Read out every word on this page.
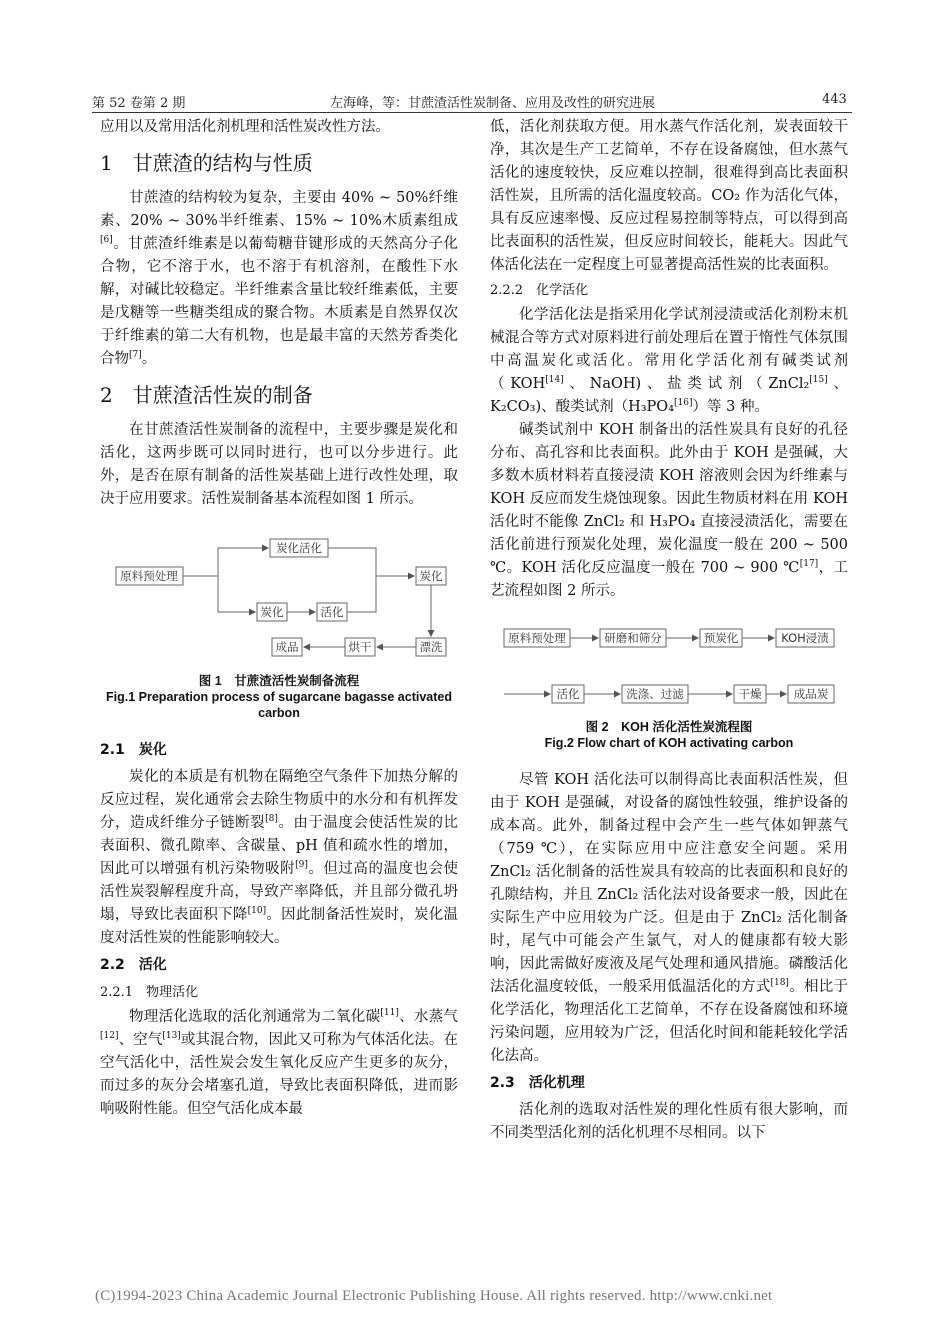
第 52 卷第 2 期	左海峰，等：甘蔗渣活性炭制备、应用及改性的研究进展	443

应用以及常用活化剂机理和活性炭改性方法。

1　甘蔗渣的结构与性质

甘蔗渣的结构较为复杂，主要由 40% ~ 50%纤维素、20% ~ 30%半纤维素、15% ~ 10%木质素组成[6]。甘蔗渣纤维素是以葡萄糖苷键形成的天然高分子化合物，它不溶于水，也不溶于有机溶剂，在酸性下水解，对碱比较稳定。半纤维素含量比较纤维素低，主要是戊糖等一些糖类组成的聚合物。木质素是自然界仅次于纤维素的第二大有机物，也是最丰富的天然芳香类化合物[7]。

2　甘蔗渣活性炭的制备

在甘蔗渣活性炭制备的流程中，主要步骤是炭化和活化，这两步既可以同时进行，也可以分步进行。此外，是否在原有制备的活性炭基础上进行改性处理，取决于应用要求。活性炭制备基本流程如图 1 所示。

原料预处理
炭化活化
炭化	活化
炭化
漂洗
烘干
成品
图 1　甘蔗渣活性炭制备流程
Fig.1 Preparation process of sugarcane bagasse activated carbon
2.1　炭化

炭化的本质是有机物在隔绝空气条件下加热分解的反应过程，炭化通常会去除生物质中的水分和有机挥发分，造成纤维分子链断裂[8]。由于温度会使活性炭的比表面积、微孔隙率、含碳量、pH 值和疏水性的增加，因此可以增强有机污染物吸附[9]。但过高的温度也会使活性炭裂解程度升高，导致产率降低，并且部分微孔坍塌，导致比表面积下降[10]。因此制备活性炭时，炭化温度对活性炭的性能影响较大。

2.2　活化
2.2.1　物理活化

物理活化选取的活化剂通常为二氧化碳[11]、水蒸气[12]、空气[13]或其混合物，因此又可称为气体活化法。在空气活化中，活性炭会发生氧化反应产生更多的灰分，而过多的灰分会堵塞孔道，导致比表面积降低，进而影响吸附性能。但空气活化成本最

低，活化剂获取方便。用水蒸气作活化剂，炭表面较干净，其次是生产工艺简单，不存在设备腐蚀，但水蒸气活化的速度较快，反应难以控制，很难得到高比表面积活性炭，且所需的活化温度较高。CO₂ 作为活化气体，具有反应速率慢、反应过程易控制等特点，可以得到高比表面积的活性炭，但反应时间较长，能耗大。因此气体活化法在一定程度上可显著提高活性炭的比表面积。

2.2.2　化学活化

化学活化法是指采用化学试剂浸渍或活化剂粉末机械混合等方式对原料进行前处理后在置于惰性气体氛围中高温炭化或活化。常用化学活化剂有碱类试剂（KOH[14]、NaOH)、盐类试剂（ZnCl₂[15]、K₂CO₃)、酸类试剂（H₃PO₄[16]）等 3 种。

碱类试剂中 KOH 制备出的活性炭具有良好的孔径分布、高孔容和比表面积。此外由于 KOH 是强碱，大多数木质材料若直接浸渍 KOH 溶液则会因为纤维素与 KOH 反应而发生烧蚀现象。因此生物质材料在用 KOH 活化时不能像 ZnCl₂ 和 H₃PO₄ 直接浸渍活化，需要在活化前进行预炭化处理，炭化温度一般在 200 ~ 500 ℃。KOH 活化反应温度一般在 700 ~ 900 ℃[17]，工艺流程如图 2 所示。

原料预处理	研磨和筛分	预炭化	KOH浸渍
活化	洗涤、过滤	干燥	成品炭
图 2　KOH 活化活性炭流程图
Fig.2 Flow chart of KOH activating carbon

尽管 KOH 活化法可以制得高比表面积活性炭，但由于 KOH 是强碱，对设备的腐蚀性较强，维护设备的成本高。此外，制备过程中会产生一些气体如钾蒸气（759 ℃），在实际应用中应注意安全问题。采用 ZnCl₂ 活化制备的活性炭具有较高的比表面积和良好的孔隙结构，并且 ZnCl₂ 活化法对设备要求一般，因此在实际生产中应用较为广泛。但是由于 ZnCl₂ 活化制备时，尾气中可能会产生氯气，对人的健康都有较大影响，因此需做好废液及尾气处理和通风措施。磷酸活化法活化温度较低，一般采用低温活化的方式[18]。相比于化学活化，物理活化工艺简单，不存在设备腐蚀和环境污染问题，应用较为广泛，但活化时间和能耗较化学活化法高。

2.3　活化机理

活化剂的选取对活性炭的理化性质有很大影响，而不同类型活化剂的活化机理不尽相同。以下

(C)1994-2023 China Academic Journal Electronic Publishing House. All rights reserved. http://www.cnki.net
